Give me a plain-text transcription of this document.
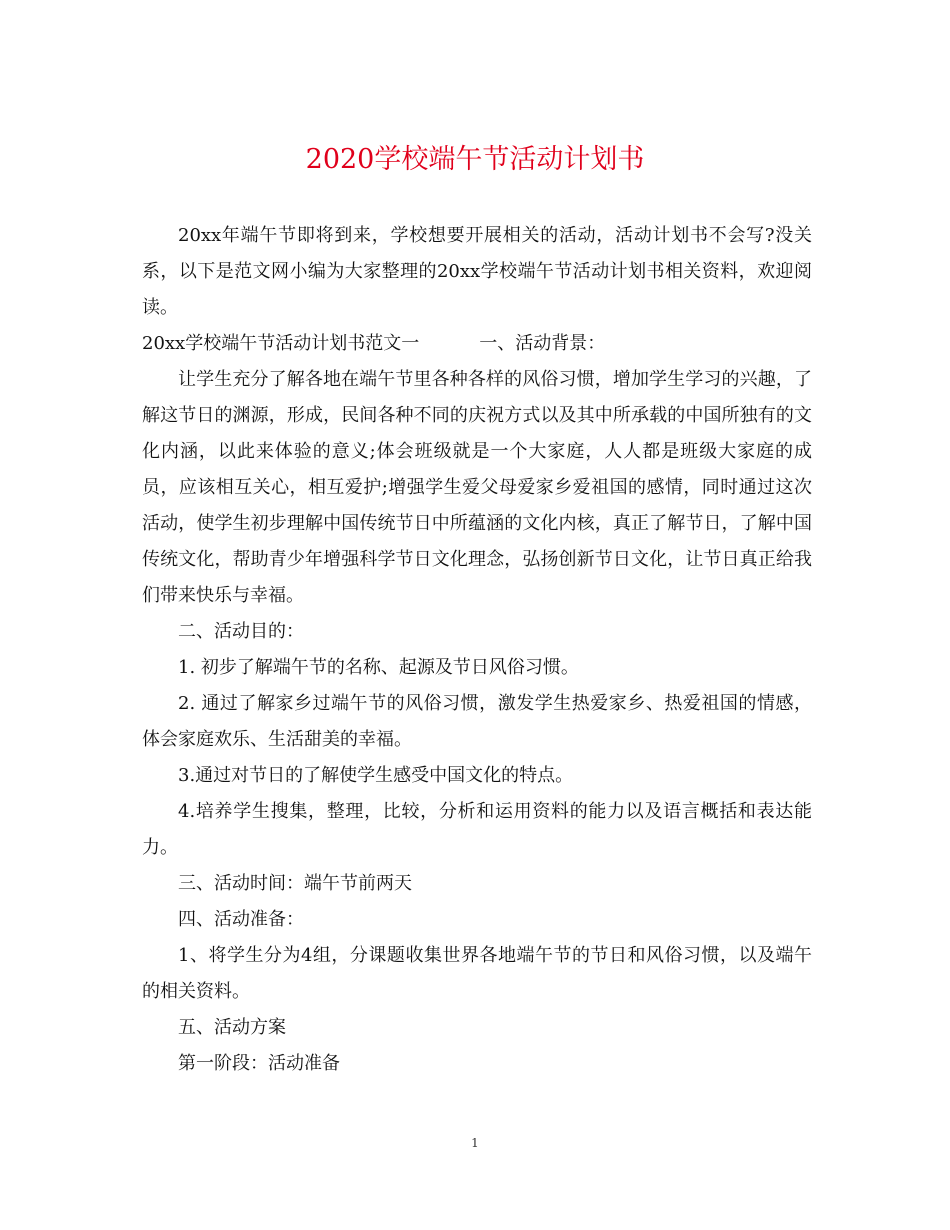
2020学校端午节活动计划书

20xx年端午节即将到来，学校想要开展相关的活动，活动计划书不会写?没关系，以下是范文网小编为大家整理的20xx学校端午节活动计划书相关资料，欢迎阅读。

20xx学校端午节活动计划书范文一	一、活动背景：

让学生充分了解各地在端午节里各种各样的风俗习惯，增加学生学习的兴趣，了解这节日的渊源，形成，民间各种不同的庆祝方式以及其中所承载的中国所独有的文化内涵，以此来体验的意义;体会班级就是一个大家庭，人人都是班级大家庭的成员，应该相互关心，相互爱护;增强学生爱父母爱家乡爱祖国的感情，同时通过这次活动，使学生初步理解中国传统节日中所蕴涵的文化内核，真正了解节日，了解中国传统文化，帮助青少年增强科学节日文化理念，弘扬创新节日文化，让节日真正给我们带来快乐与幸福。

二、活动目的：

1. 初步了解端午节的名称、起源及节日风俗习惯。

2. 通过了解家乡过端午节的风俗习惯，激发学生热爱家乡、热爱祖国的情感，体会家庭欢乐、生活甜美的幸福。

3.通过对节日的了解使学生感受中国文化的特点。

4.培养学生搜集，整理，比较，分析和运用资料的能力以及语言概括和表达能力。

三、活动时间：端午节前两天

四、活动准备：

1、将学生分为4组，分课题收集世界各地端午节的节日和风俗习惯，以及端午的相关资料。

五、活动方案

第一阶段：活动准备

1
